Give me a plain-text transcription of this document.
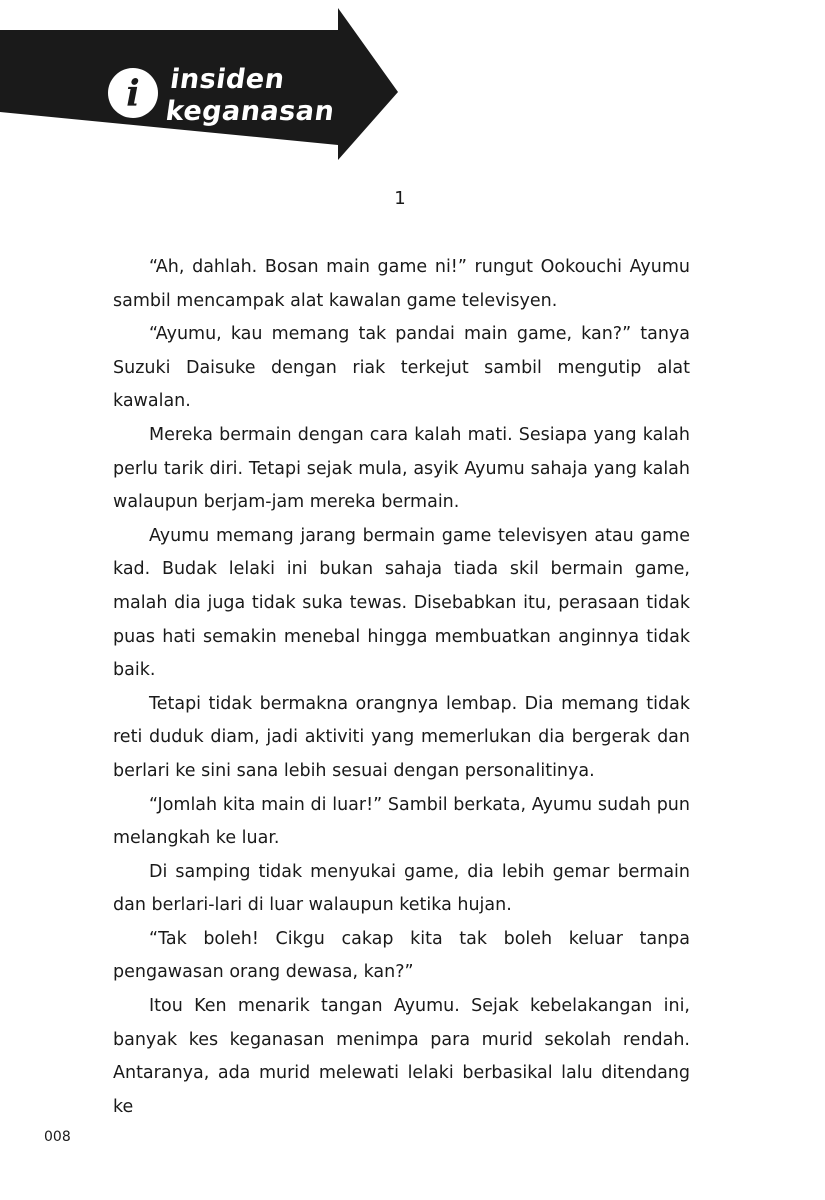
i insiden
keganasan
1

“Ah, dahlah. Bosan main game ni!” rungut Ookouchi Ayumu sambil mencampak alat kawalan game televisyen.

“Ayumu, kau memang tak pandai main game, kan?” tanya Suzuki Daisuke dengan riak terkejut sambil mengutip alat kawalan.

Mereka bermain dengan cara kalah mati. Sesiapa yang kalah perlu tarik diri. Tetapi sejak mula, asyik Ayumu sahaja yang kalah walaupun berjam-jam mereka bermain.

Ayumu memang jarang bermain game televisyen atau game kad. Budak lelaki ini bukan sahaja tiada skil bermain game, malah dia juga tidak suka tewas. Disebabkan itu, perasaan tidak puas hati semakin menebal hingga membuatkan anginnya tidak baik.

Tetapi tidak bermakna orangnya lembap. Dia memang tidak reti duduk diam, jadi aktiviti yang memerlukan dia bergerak dan berlari ke sini sana lebih sesuai dengan personalitinya.

“Jomlah kita main di luar!” Sambil berkata, Ayumu sudah pun melangkah ke luar.

Di samping tidak menyukai game, dia lebih gemar bermain dan berlari-lari di luar walaupun ketika hujan.

“Tak boleh! Cikgu cakap kita tak boleh keluar tanpa pengawasan orang dewasa, kan?”

Itou Ken menarik tangan Ayumu. Sejak kebelakangan ini, banyak kes keganasan menimpa para murid sekolah rendah. Antaranya, ada murid melewati lelaki berbasikal lalu ditendang ke

008
